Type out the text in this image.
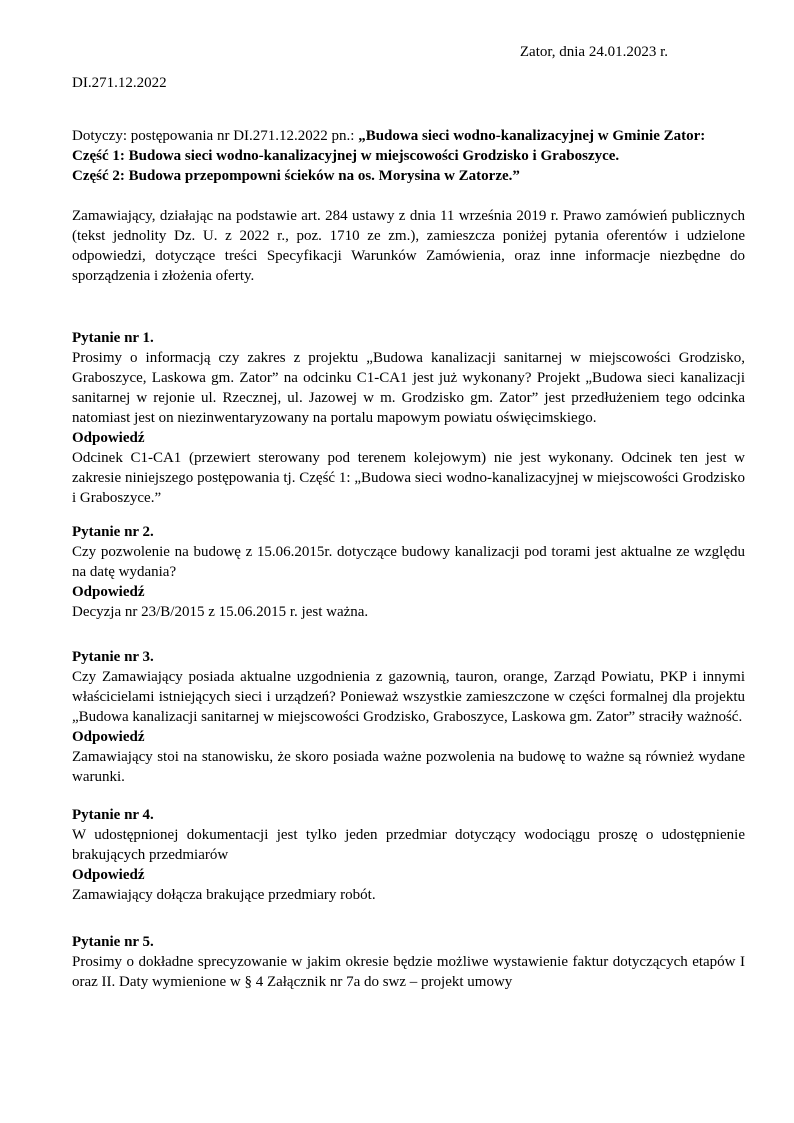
Zator, dnia 24.01.2023 r.
DI.271.12.2022

Dotyczy: postępowania nr DI.271.12.2022 pn.: „Budowa sieci wodno-kanalizacyjnej w Gminie Zator:
Część 1: Budowa sieci wodno-kanalizacyjnej w miejscowości Grodzisko i Graboszyce.
Część 2: Budowa przepompowni ścieków na os. Morysina w Zatorze.”

Zamawiający, działając na podstawie art. 284 ustawy z dnia 11 września 2019 r. Prawo zamówień publicznych (tekst jednolity Dz. U. z 2022 r., poz. 1710 ze zm.), zamieszcza poniżej pytania oferentów i udzielone odpowiedzi, dotyczące treści Specyfikacji Warunków Zamówienia, oraz inne informacje niezbędne do sporządzenia i złożenia oferty.

Pytanie nr 1.

Prosimy o informacją czy zakres z projektu „Budowa kanalizacji sanitarnej w miejscowości Grodzisko, Graboszyce, Laskowa gm. Zator” na odcinku C1-CA1 jest już wykonany? Projekt „Budowa sieci kanalizacji sanitarnej w rejonie ul. Rzecznej, ul. Jazowej w m. Grodzisko gm. Zator” jest przedłużeniem tego odcinka natomiast jest on niezinwentaryzowany na portalu mapowym powiatu oświęcimskiego.

Odpowiedź

Odcinek C1-CA1 (przewiert sterowany pod terenem kolejowym) nie jest wykonany. Odcinek ten jest w zakresie niniejszego postępowania tj. Część 1: „Budowa sieci wodno-kanalizacyjnej w miejscowości Grodzisko i Graboszyce.”

Pytanie nr 2.

Czy pozwolenie na budowę z 15.06.2015r. dotyczące budowy kanalizacji pod torami jest aktualne ze względu na datę wydania?

Odpowiedź

Decyzja nr 23/B/2015 z 15.06.2015 r. jest ważna.

Pytanie nr 3.

Czy Zamawiający posiada aktualne uzgodnienia z gazownią, tauron, orange, Zarząd Powiatu, PKP i innymi właścicielami istniejących sieci i urządzeń? Ponieważ wszystkie zamieszczone w części formalnej dla projektu „Budowa kanalizacji sanitarnej w miejscowości Grodzisko, Graboszyce, Laskowa gm. Zator” straciły ważność.

Odpowiedź

Zamawiający stoi na stanowisku, że skoro posiada ważne pozwolenia na budowę to ważne są również wydane warunki.

Pytanie nr 4.

W udostępnionej dokumentacji jest tylko jeden przedmiar dotyczący wodociągu proszę o udostępnienie brakujących przedmiarów

Odpowiedź

Zamawiający dołącza brakujące przedmiary robót.

Pytanie nr 5.

Prosimy o dokładne sprecyzowanie w jakim okresie będzie możliwe wystawienie faktur dotyczących etapów I oraz II. Daty wymienione w § 4 Załącznik nr 7a do swz – projekt umowy
